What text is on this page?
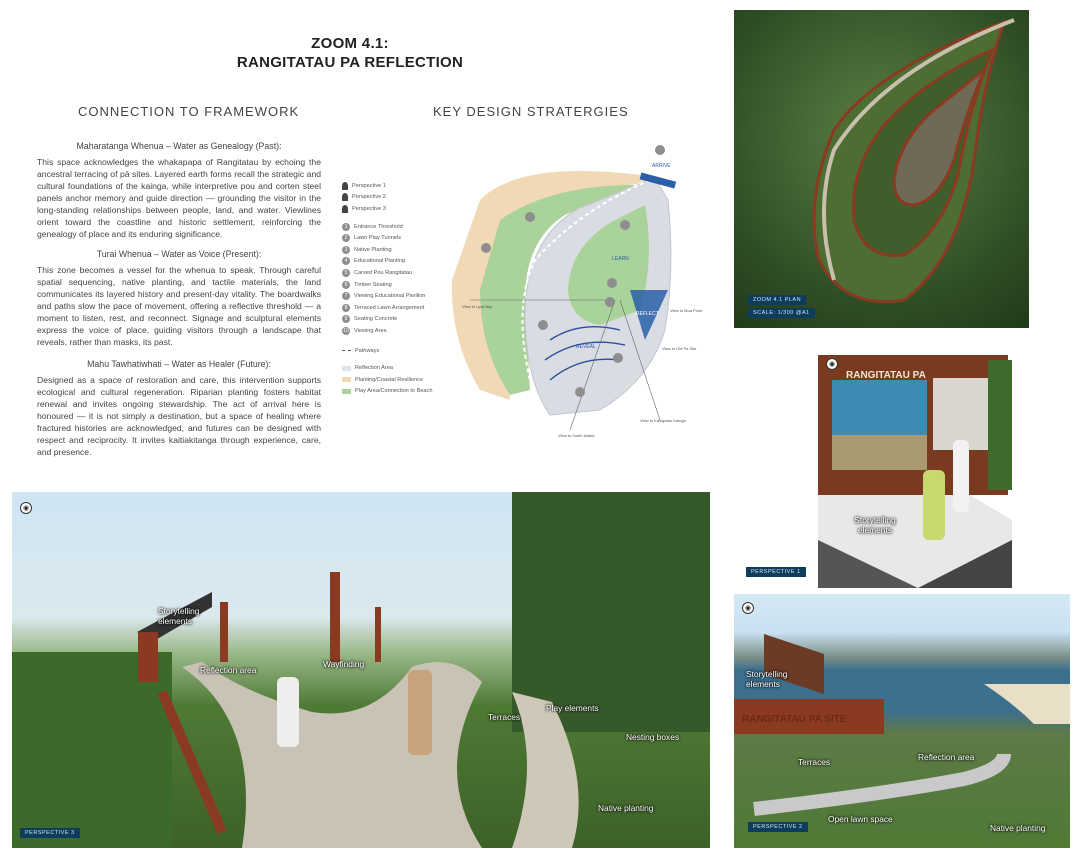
ZOOM 4.1:
RANGITATAU PA REFLECTION
CONNECTION TO FRAMEWORK	KEY DESIGN STRATERGIES
Maharatanga Whenua – Water as Genealogy (Past):

This space acknowledges the whakapapa of Rangitatau by echoing the ancestral terracing of pā sites. Layered earth forms recall the strategic and cultural foundations of the kainga, while interpretive pou and corten steel panels anchor memory and guide direction — grounding the visitor in the long-standing relationships between people, land, and water. Viewlines orient toward the coastline and historic settlement, reinforcing the genealogy of place and its enduring significance.

Turai Whenua – Water as Voice (Present):

This zone becomes a vessel for the whenua to speak. Through careful spatial sequencing, native planting, and tactile materials, the land communicates its layered history and present-day vitality. The boardwalks and paths slow the pace of movement, offering a reflective threshold — a moment to listen, rest, and reconnect. Signage and sculptural elements express the voice of place, guiding visitors through a landscape that reveals, rather than masks, its past.

Mahu Tawhatiwhati – Water as Healer (Future):

Designed as a space of restoration and care, this intervention supports ecological and cultural regeneration. Riparian planting fosters habitat renewal and invites ongoing stewardship. The act of arrival here is honoured — it is not simply a destination, but a space of healing where fractured histories are acknowledged, and futures can be designed with respect and reciprocity. It invites kaitiakitanga through experience, care, and presence.

Perspective 1
Perspective 2
Perspective 3
1	Entrance Threshold
2	Lawn Play Tunnels
3	Native Planting
4	Educational Planting
5	Carved Pou Rangitatau
6	Timber Seating
7	Viewing Educational Pavilion
8	Terraced Lawn Arrangement
9	Seating Concrete
10 Viewing Area
Pathways
Reflection Area
Planting/Coastal Resilience
Play Area/Connection to Beach
ARRIVE
LEARN
REVEAL
REFLECT
View to Lyall Bay
View to Moa Point
View to Old Pa Site
View to Kaingatau Kainga
View to South Island
ZOOM 4.1 PLAN
SCALE: 1/300 @A1
RANGITATAU PA
◉
Storytelling elements
PERSPECTIVE 1
RANGITATAU PA SITE
◉
Storytelling elements
Terraces	Reflection area
Open lawn space
Native planting
PERSPECTIVE 2
◉
Storytelling elements
Reflection area
Wayfinding
Terraces
Play elements
Nesting boxes
Native planting
PERSPECTIVE 3
